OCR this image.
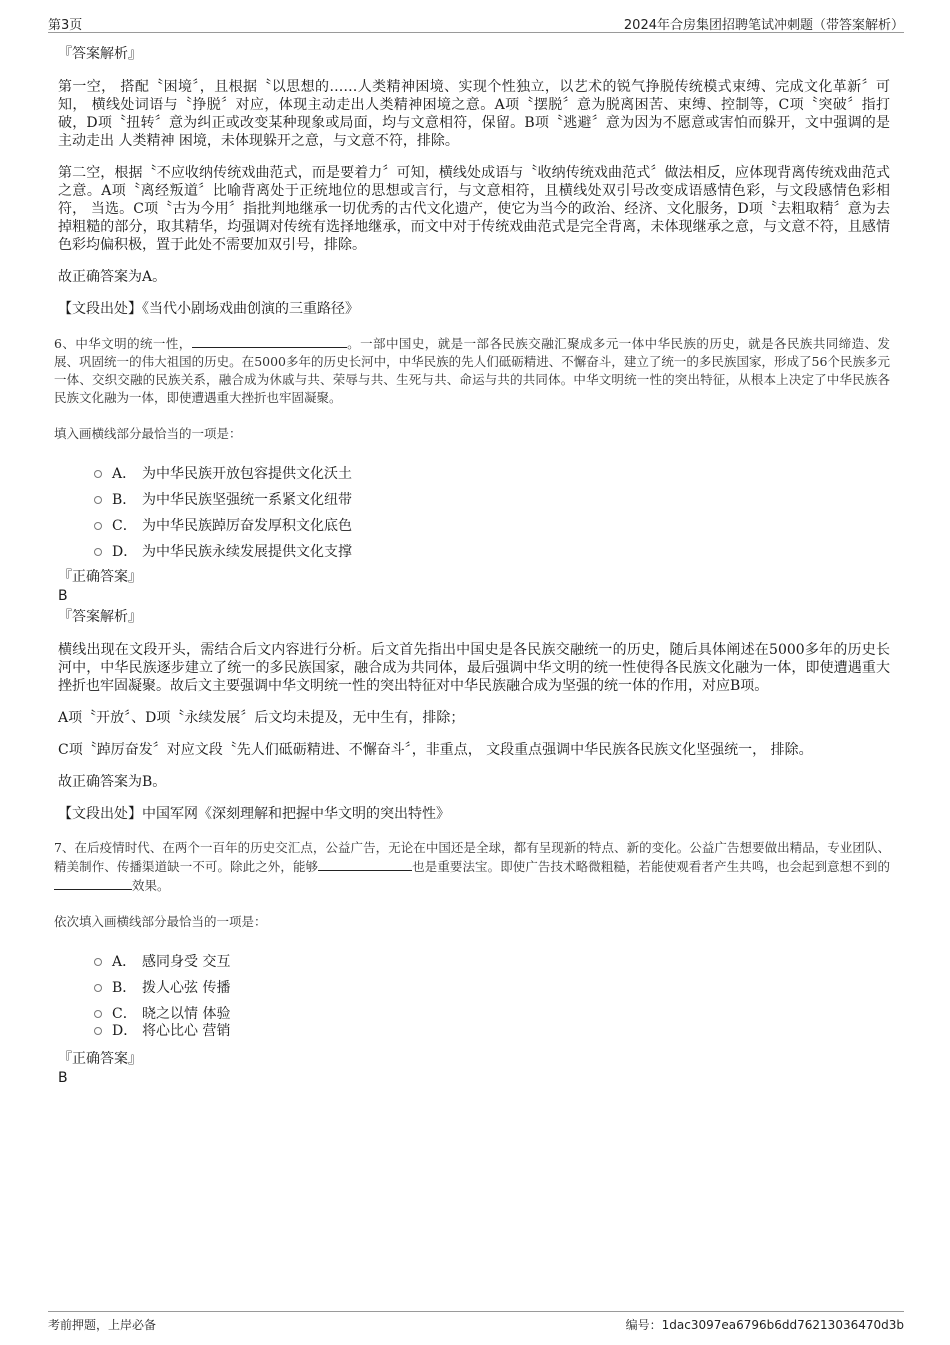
第3页	2024年合房集团招聘笔试冲刺题（带答案解析）

『答案解析』

第一空， 搭配〝困境〞，且根据〝以思想的……人类精神困境、实现个性独立，以艺术的锐气挣脱传统模式束缚、完成文化革新〞可知， 横线处词语与〝挣脱〞对应，体现主动走出人类精神困境之意。A项〝摆脱〞意为脱离困苦、束缚、控制等，C项〝突破〞指打破，D项〝扭转〞意为纠正或改变某种现象或局面，均与文意相符，保留。B项〝逃避〞意为因为不愿意或害怕而躲开，文中强调的是主动走出 人类精神 困境，未体现躲开之意，与文意不符，排除。

第二空，根据〝不应收纳传统戏曲范式，而是要着力〞可知，横线处成语与〝收纳传统戏曲范式〞做法相反，应体现背离传统戏曲范式之意。A项〝离经叛道〞比喻背离处于正统地位的思想或言行，与文意相符，且横线处双引号改变成语感情色彩，与文段感情色彩相符， 当选。C项〝古为今用〞指批判地继承一切优秀的古代文化遗产，使它为当今的政治、经济、文化服务，D项〝去粗取精〞意为去掉粗糙的部分，取其精华，均强调对传统有选择地继承，而文中对于传统戏曲范式是完全背离，未体现继承之意，与文意不符，且感情色彩均偏积极，置于此处不需要加双引号，排除。

故正确答案为A。

【文段出处】《当代小剧场戏曲创演的三重路径》

6、中华文明的统一性，	。一部中国史，就是一部各民族交融汇聚成多元一体中华民族的历史，就是各民族共同缔造、发展、巩固统一的伟大祖国的历史。在5000多年的历史长河中，中华民族的先人们砥砺精进、不懈奋斗，建立了统一的多民族国家，形成了56个民族多元一体、交织交融的民族关系，融合成为休戚与共、荣辱与共、生死与共、命运与共的共同体。中华文明统一性的突出特征，从根本上决定了中华民族各民族文化融为一体，即使遭遇重大挫折也牢固凝聚。

填入画横线部分最恰当的一项是：

A． 为中华民族开放包容提供文化沃土
B． 为中华民族坚强统一系紧文化纽带
C． 为中华民族踔厉奋发厚积文化底色
D． 为中华民族永续发展提供文化支撑

『正确答案』

B

『答案解析』

横线出现在文段开头，需结合后文内容进行分析。后文首先指出中国史是各民族交融统一的历史，随后具体阐述在5000多年的历史长河中，中华民族逐步建立了统一的多民族国家，融合成为共同体，最后强调中华文明的统一性使得各民族文化融为一体，即使遭遇重大挫折也牢固凝聚。故后文主要强调中华文明统一性的突出特征对中华民族融合成为坚强的统一体的作用，对应B项。

A项〝开放〞、D项〝永续发展〞后文均未提及，无中生有，排除；

C项〝踔厉奋发〞对应文段〝先人们砥砺精进、不懈奋斗〞，非重点， 文段重点强调中华民族各民族文化坚强统一， 排除。

故正确答案为B。

【文段出处】中国军网《深刻理解和把握中华文明的突出特性》

7、在后疫情时代、在两个一百年的历史交汇点，公益广告，无论在中国还是全球，都有呈现新的特点、新的变化。公益广告想要做出精品，专业团队、精美制作、传播渠道缺一不可。除此之外，能够	也是重要法宝。即使广告技术略微粗糙，若能使观看者产生共鸣，也会起到意想不到的效果。

依次填入画横线部分最恰当的一项是：

A． 感同身受 交互
B． 拨人心弦 传播
C． 晓之以情 体验
D． 将心比心 营销

『正确答案』

B

考前押题，上岸必备	编号：1dac3097ea6796b6dd76213036470d3b
